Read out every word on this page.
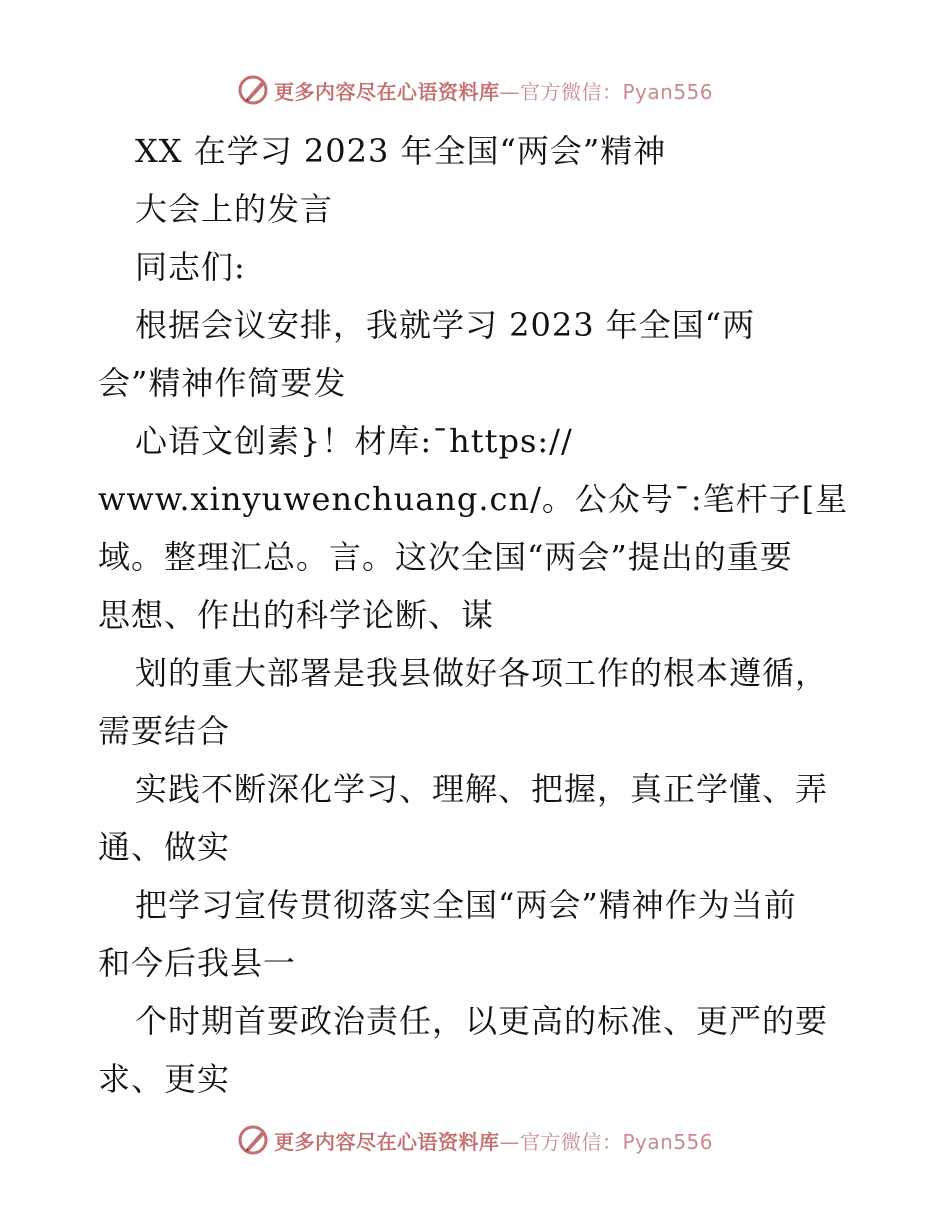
更多内容尽在心语资料库—官方微信：Pyan556
XX 在学习 2023 年全国“两会”精神
大会上的发言
同志们:
根据会议安排，我就学习 2023 年全国“两
会”精神作简要发
心语文创素}！材库:¯https://
www.xinyuwenchuang.cn/。公众号¯:笔杆子[星
域。整理汇总。言。这次全国“两会”提出的重要
思想、作出的科学论断、谋
划的重大部署是我县做好各项工作的根本遵循，
需要结合
实践不断深化学习、理解、把握，真正学懂、弄
通、做实
把学习宣传贯彻落实全国“两会”精神作为当前
和今后我县一
个时期首要政治责任，以更高的标准、更严的要
求、更实
更多内容尽在心语资料库—官方微信：Pyan556
